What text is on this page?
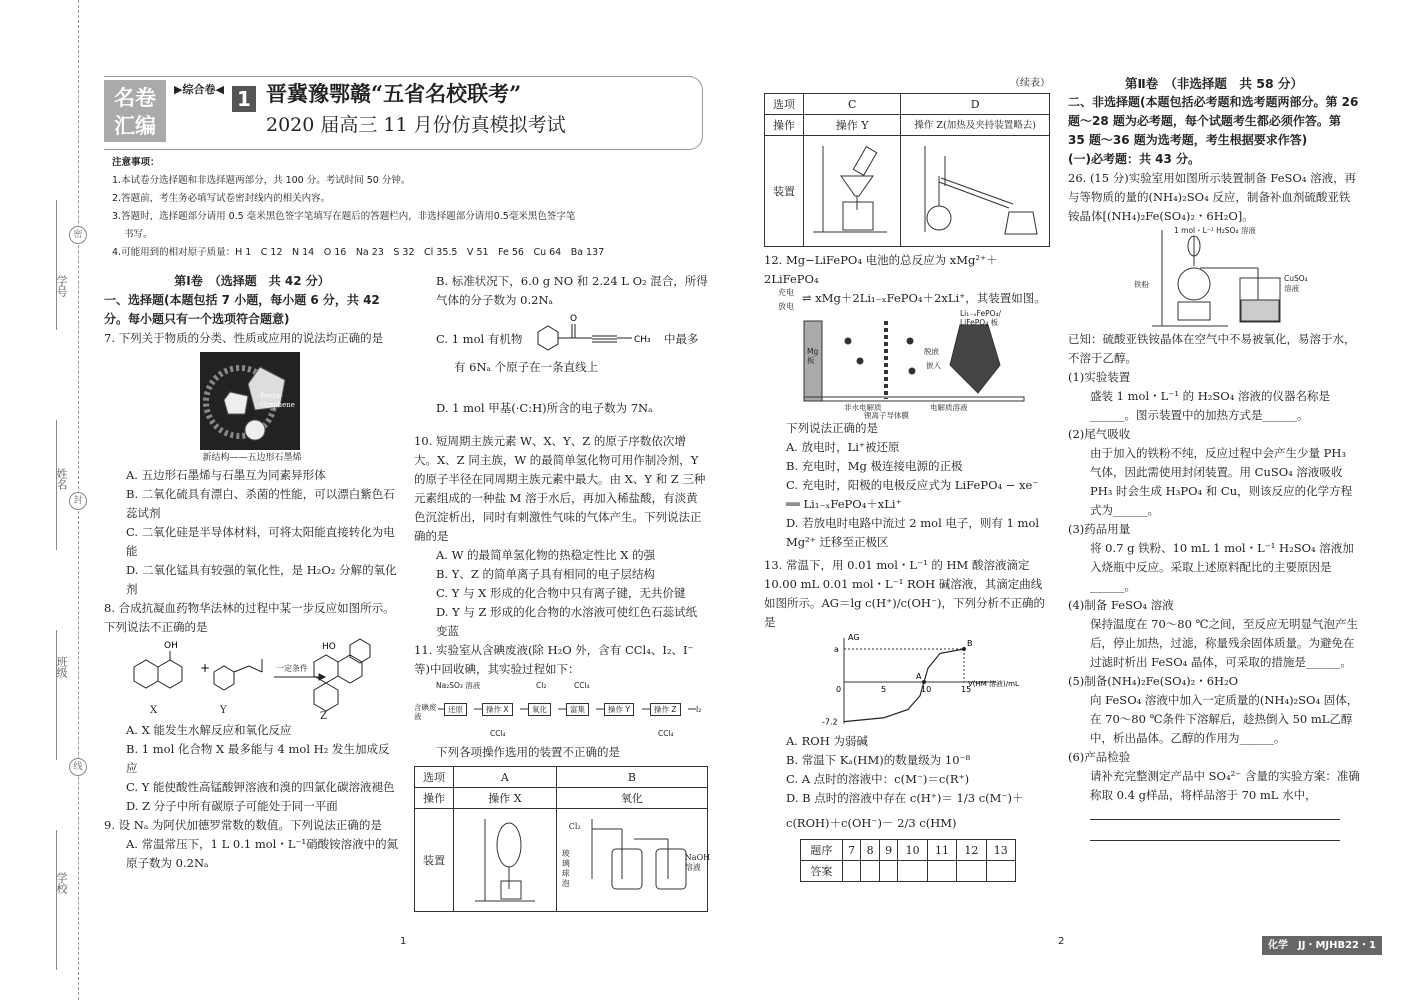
学号
姓名
班级
学校
密
封
线
名卷
汇编
▶综合卷◀ 1 晋冀豫鄂赣“五省名校联考”
2020 届高三 11 月份仿真模拟考试

注意事项：

1.本试卷分选择题和非选择题两部分，共 100 分。考试时间 50 分钟。

2.答题前，考生务必填写试卷密封线内的相关内容。

3.答题时，选择题部分请用 0.5 毫米黑色签字笔填写在题后的答题栏内，非选择题部分请用0.5毫米黑色签字笔

书写。

4.可能用到的相对原子质量：H 1　C 12　N 14　O 16　Na 23　S 32　Cl 35.5　V 51　Fe 56　Cu 64　Ba 137

第Ⅰ卷　（选择题　共 42 分）

一、选择题(本题包括 7 小题，每小题 6 分，共 42 分。每小题只有一个选项符合题意)

7. 下列关于物质的分类、性质或应用的说法均正确的是

Penta-Graphene

新结构——五边形石墨烯

A. 五边形石墨烯与石墨互为同素异形体

B. 二氧化硫具有漂白、杀菌的性能，可以漂白紫色石蕊试剂

C. 二氧化硅是半导体材料，可将太阳能直接转化为电能

D. 二氧化锰具有较强的氧化性，是 H₂O₂ 分解的氧化剂

8. 合成抗凝血药物华法林的过程中某一步反应如图所示。下列说法不正确的是

OH	HO
+
X	Y
Z
一定条件

A. X 能发生水解反应和氧化反应

B. 1 mol 化合物 X 最多能与 4 mol H₂ 发生加成反应

C. Y 能使酸性高锰酸钾溶液和溴的四氯化碳溶液褪色

D. Z 分子中所有碳原子可能处于同一平面

9. 设 Nₐ 为阿伏加德罗常数的数值。下列说法正确的是

A. 常温常压下，1 L 0.1 mol・L⁻¹硝酸铵溶液中的氮原子数为 0.2Nₐ

B. 标准状况下，6.0 g NO 和 2.24 L O₂ 混合，所得气体的分子数为 0.2Nₐ

C. 1 mol 有机物
O
CH₃ 中最多

有 6Nₐ 个原子在一条直线上

D. 1 mol 甲基(·C:H)所含的电子数为 7Nₐ

10. 短周期主族元素 W、X、Y、Z 的原子序数依次增大。X、Z 同主族，W 的最简单氢化物可用作制冷剂，Y 的原子半径在同周期主族元素中最大。由 X、Y 和 Z 三种元素组成的一种盐 M 溶于水后，再加入稀盐酸，有淡黄色沉淀析出，同时有刺激性气味的气体产生。下列说法正确的是

A. W 的最简单氢化物的热稳定性比 X 的强

B. Y、Z 的简单离子具有相同的电子层结构

C. Y 与 X 形成的化合物中只有离子键，无共价键

D. Y 与 Z 形成的化合物的水溶液可使红色石蕊试纸变蓝

11. 实验室从含碘废液(除 H₂O 外，含有 CCl₄、I₂、I⁻等)中回收碘，其实验过程如下：

含碘废液
还原	操作 X	氧化	富集	操作 Y	操作 Z	I₂
Na₂SO₃ 溶液	Cl₂	CCl₄
CCl₄	CCl₄

下列各项操作选用的装置不正确的是

选项	A	B
操作	操作 X	氧化
装置		NaOH 溶液
Cl₂
玻璃球泡
1

（续表）

选项	C	D
操作	操作 Y	操作 Z(加热及夹持装置略去)
装置		

12. Mg−LiFePO₄ 电池的总反应为 xMg²⁺＋2LiFePO₄

充电
放电
⇌ xMg＋2Li₁₋ₓFePO₄＋2xLi⁺，其装置如图。
Mg 板
非水电解质
锂离子导体膜
电解质溶液
Li₁₋ₓFePO₄/
LiFePO₄ 板
脱嵌
嵌入

下列说法正确的是

A. 放电时，Li⁺被还原

B. 充电时，Mg 极连接电源的正极

C. 充电时，阳极的电极反应式为 LiFePO₄ − xe⁻ ══ Li₁₋ₓFePO₄＋xLi⁺

D. 若放电时电路中流过 2 mol 电子，则有 1 mol Mg²⁺ 迁移至正极区

13. 常温下，用 0.01 mol・L⁻¹ 的 HM 酸溶液滴定 10.00 mL 0.01 mol・L⁻¹ ROH 碱溶液，其滴定曲线如图所示。AG＝lg c(H⁺)/c(OH⁻)，下列分析不正确的是

AG
V(HM 溶液)/mL
0	5	10	15
a
-7.2
A
B

A. ROH 为弱碱

B. 常温下 Kₐ(HM)的数量级为 10⁻⁸

C. A 点时的溶液中：c(M⁻)＝c(R⁺)

D. B 点时的溶液中存在 c(H⁺)＝ 1/3 c(M⁻)＋

c(ROH)＋c(OH⁻)－ 2/3 c(HM)

题序	7	8	9	10	11	12	13
答案							
2

第Ⅱ卷　（非选择题　共 58 分）

二、非选择题(本题包括必考题和选考题两部分。第 26 题～28 题为必考题，每个试题考生都必须作答。第 35 题～36 题为选考题，考生根据要求作答)

(一)必考题：共 43 分。

26. (15 分)实验室用如图所示装置制备 FeSO₄ 溶液，再与等物质的量的(NH₄)₂SO₄ 反应，制备补血剂硫酸亚铁铵晶体[(NH₄)₂Fe(SO₄)₂・6H₂O]。

1 mol・L⁻¹ H₂SO₄ 溶液
铁粉
CuSO₄
溶液

已知：硫酸亚铁铵晶体在空气中不易被氧化，易溶于水，不溶于乙醇。

(1)实验装置

盛装 1 mol・L⁻¹ 的 H₂SO₄ 溶液的仪器名称是______。图示装置中的加热方式是______。

(2)尾气吸收

由于加入的铁粉不纯，反应过程中会产生少量 PH₃ 气体，因此需使用封闭装置。用 CuSO₄ 溶液吸收 PH₃ 时会生成 H₃PO₄ 和 Cu，则该反应的化学方程式为______。

(3)药品用量

将 0.7 g 铁粉、10 mL 1 mol・L⁻¹ H₂SO₄ 溶液加入烧瓶中反应。采取上述原料配比的主要原因是______。

(4)制备 FeSO₄ 溶液

保持温度在 70～80 ℃之间，至反应无明显气泡产生后，停止加热，过滤，称量残余固体质量。为避免在过滤时析出 FeSO₄ 晶体，可采取的措施是______。

(5)制备(NH₄)₂Fe(SO₄)₂・6H₂O

向 FeSO₄ 溶液中加入一定质量的(NH₄)₂SO₄ 固体，在 70～80 ℃条件下溶解后，趁热倒入 50 mL乙醇中，析出晶体。乙醇的作用为______。

(6)产品检验

请补充完整测定产品中 SO₄²⁻ 含量的实验方案：准确称取 0.4 g样品，将样品溶于 70 mL 水中，

化学　JJ・MJHB22・1
